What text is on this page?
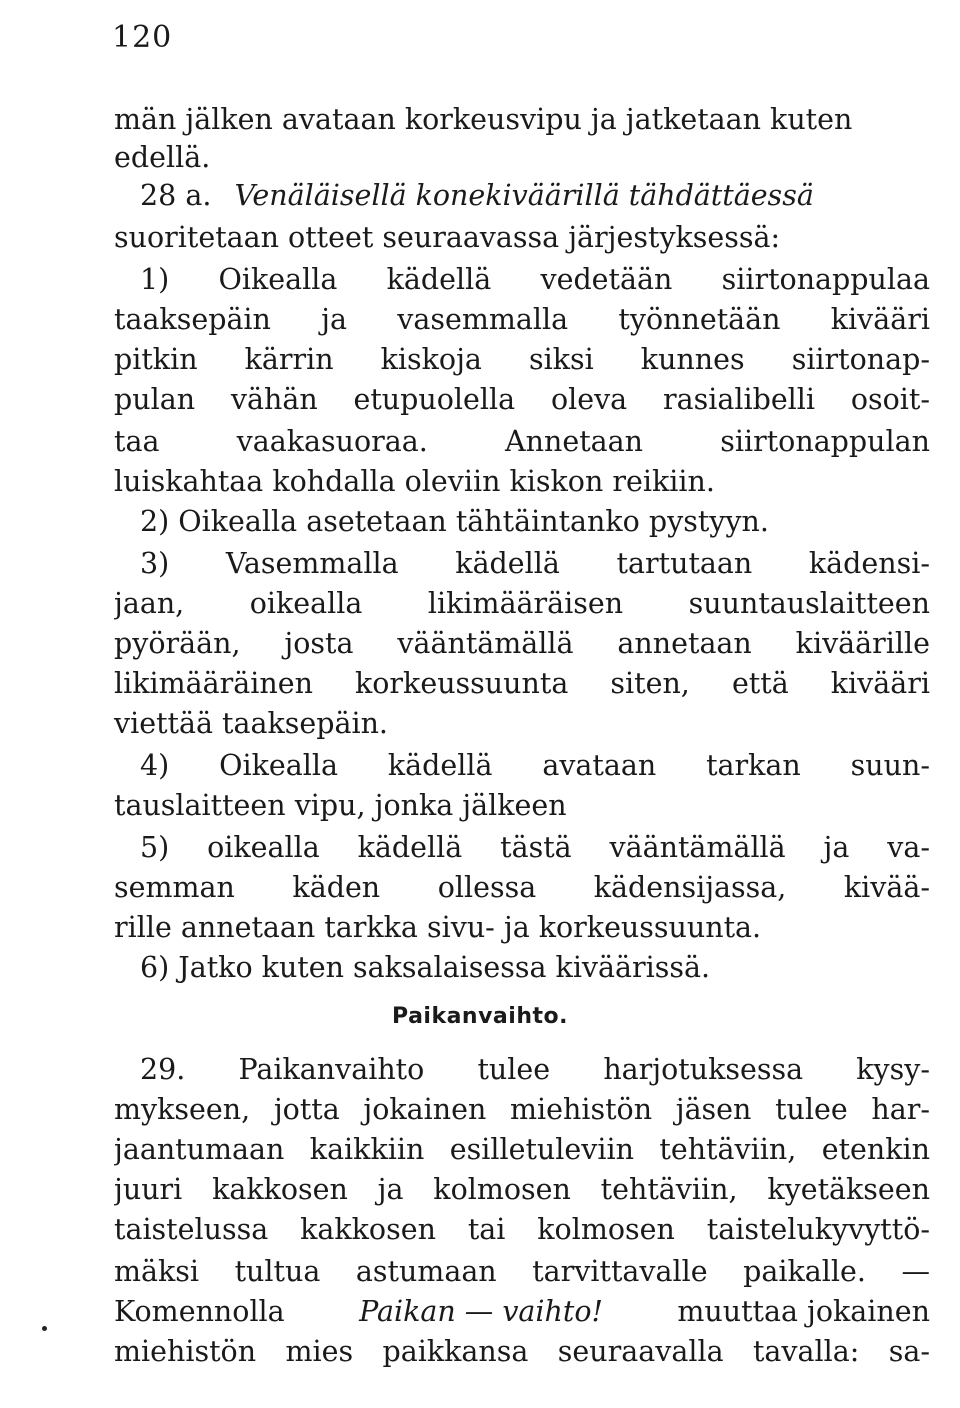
120
män jälken avataan korkeusvipu ja jatketaan kuten
edellä.
28 a. Venäläisellä konekiväärillä tähdättäessä
suoritetaan otteet seuraavassa järjestyksessä:
1) Oikealla kädellä vedetään siirtonappulaa
taaksepäin ja vasemmalla työnnetään kivääri
pitkin kärrin kiskoja siksi kunnes siirtonap-
pulan vähän etupuolella oleva rasialibelli osoit-
taa vaakasuoraa. Annetaan siirtonappulan
luiskahtaa kohdalla oleviin kiskon reikiin.
2) Oikealla asetetaan tähtäintanko pystyyn.
3) Vasemmalla kädellä tartutaan kädensi-
jaan, oikealla likimääräisen suuntauslaitteen
pyörään, josta vääntämällä annetaan kiväärille
likimääräinen korkeussuunta siten, että kivääri
viettää taaksepäin.
4) Oikealla kädellä avataan tarkan suun-
tauslaitteen vipu, jonka jälkeen
5) oikealla kädellä tästä vääntämällä ja va-
semman käden ollessa kädensijassa, kivää-
rille annetaan tarkka sivu- ja korkeussuunta.
6) Jatko kuten saksalaisessa kiväärissä.
Paikanvaihto.
29. Paikanvaihto tulee harjotuksessa kysy-
mykseen, jotta jokainen miehistön jäsen tulee har-
jaantumaan kaikkiin esilletuleviin tehtäviin, etenkin
juuri kakkosen ja kolmosen tehtäviin, kyetäkseen
taistelussa kakkosen tai kolmosen taistelukyvyttö-
mäksi tultua astumaan tarvittavalle paikalle. —
Komennolla	Paikan — vaihto!	muuttaa jokainen
miehistön mies paikkansa seuraavalla tavalla: sa-
